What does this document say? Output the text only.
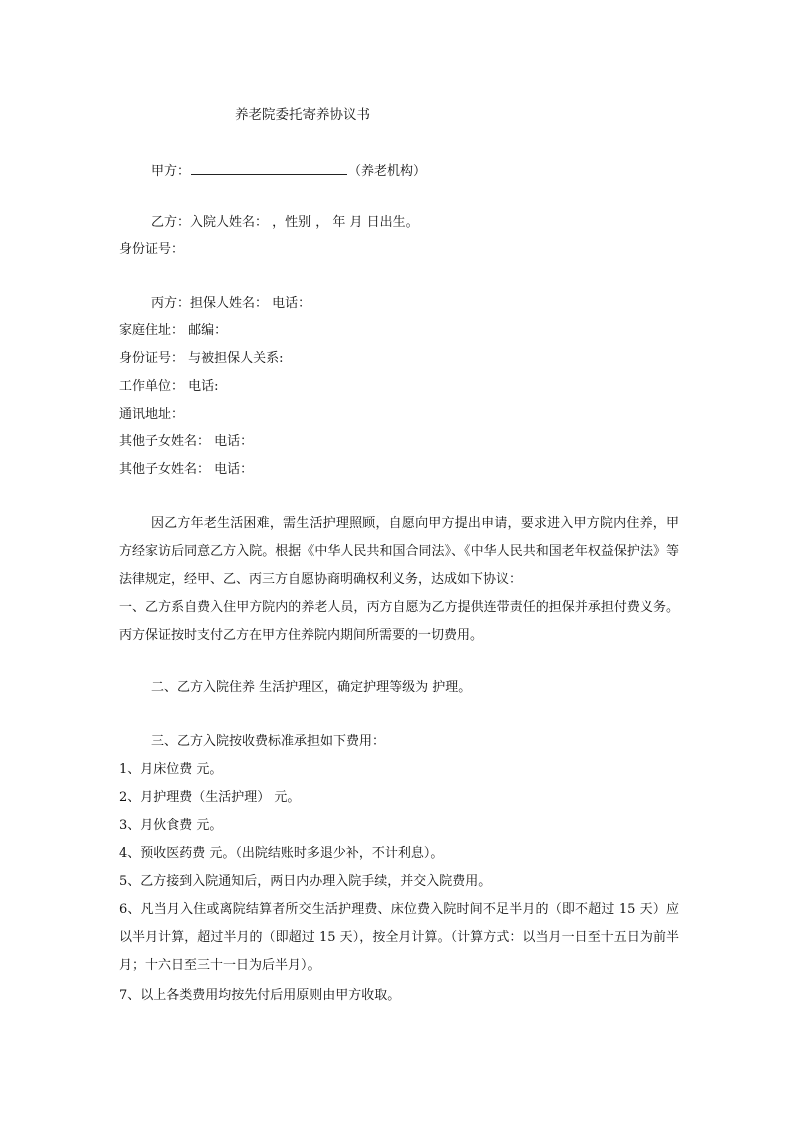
养老院委托寄养协议书

甲方：	（养老机构）

乙方：入院人姓名： ，性别 ， 年 月 日出生。

身份证号：

丙方：担保人姓名： 电话：

家庭住址： 邮编：

身份证号： 与被担保人关系:

工作单位： 电话:

通讯地址：

其他子女姓名： 电话：

其他子女姓名： 电话：

因乙方年老生活困难，需生活护理照顾，自愿向甲方提出申请，要求进入甲方院内住养，甲方经家访后同意乙方入院。根据《中华人民共和国合同法》、《中华人民共和国老年权益保护法》等法律规定，经甲、乙、丙三方自愿协商明确权利义务，达成如下协议：

一、乙方系自费入住甲方院内的养老人员，丙方自愿为乙方提供连带责任的担保并承担付费义务。丙方保证按时支付乙方在甲方住养院内期间所需要的一切费用。

二、乙方入院住养 生活护理区，确定护理等级为 护理。

三、乙方入院按收费标准承担如下费用：

1、月床位费 元。

2、月护理费（生活护理） 元。

3、月伙食费 元。

4、预收医药费 元。（出院结账时多退少补，不计利息）。

5、乙方接到入院通知后，两日内办理入院手续，并交入院费用。

6、凡当月入住或离院结算者所交生活护理费、床位费入院时间不足半月的（即不超过 15 天）应以半月计算，超过半月的（即超过 15 天），按全月计算。（计算方式：以当月一日至十五日为前半月；十六日至三十一日为后半月）。

7、以上各类费用均按先付后用原则由甲方收取。
